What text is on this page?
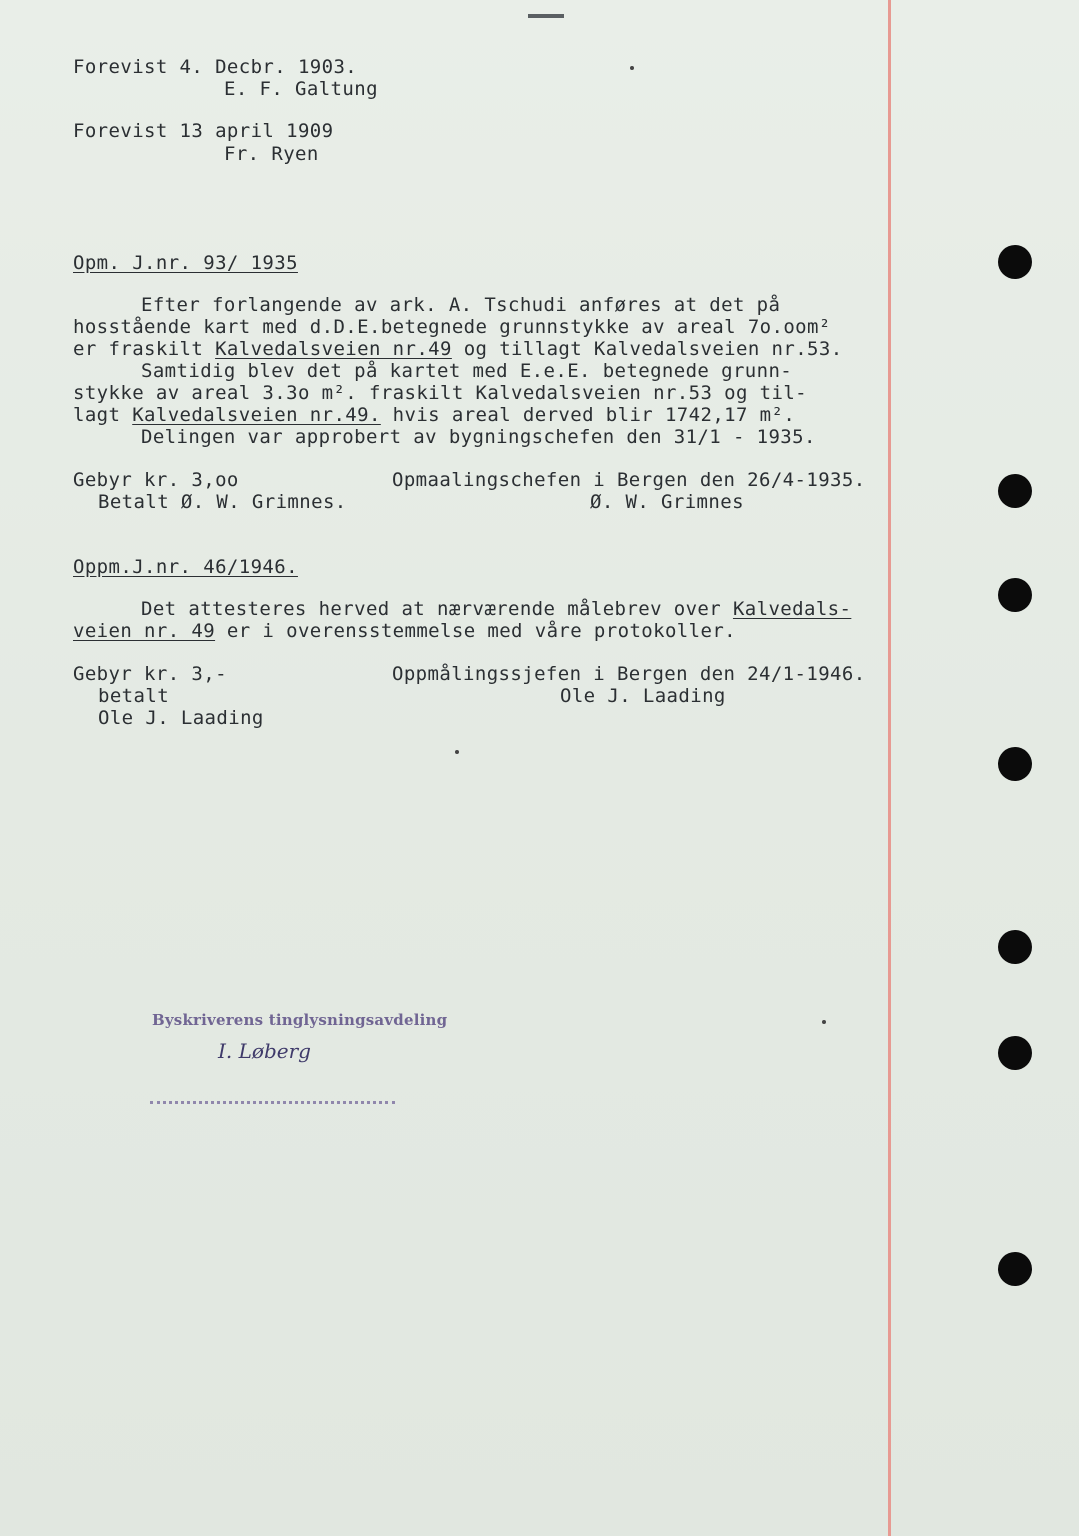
Forevist 4. Decbr. 1903.
E. F. Galtung
Forevist 13 april 1909
Fr. Ryen
Opm. J.nr. 93/ 1935
Efter forlangende av ark. A. Tschudi anføres at det på
hosstående kart med d.D.E.betegnede grunnstykke av areal 7o.oom²
er fraskilt Kalvedalsveien nr.49 og tillagt Kalvedalsveien nr.53.
Samtidig blev det på kartet med E.e.E. betegnede grunn-
stykke av areal 3.3o m². fraskilt Kalvedalsveien nr.53 og til-
lagt Kalvedalsveien nr.49. hvis areal derved blir 1742,17 m².
Delingen var approbert av bygningschefen den 31/1 - 1935.
Gebyr kr. 3,oo
Betalt Ø. W. Grimnes.
Opmaalingschefen i Bergen den 26/4-1935.
Ø. W. Grimnes
Oppm.J.nr. 46/1946.
Det attesteres herved at nærværende målebrev over Kalvedals-
veien nr. 49 er i overensstemmelse med våre protokoller.
Gebyr kr. 3,-
betalt
Ole J. Laading
Oppmålingssjefen i Bergen den 24/1-1946.
Ole J. Laading
Byskriverens tinglysningsavdeling
I. Løberg
